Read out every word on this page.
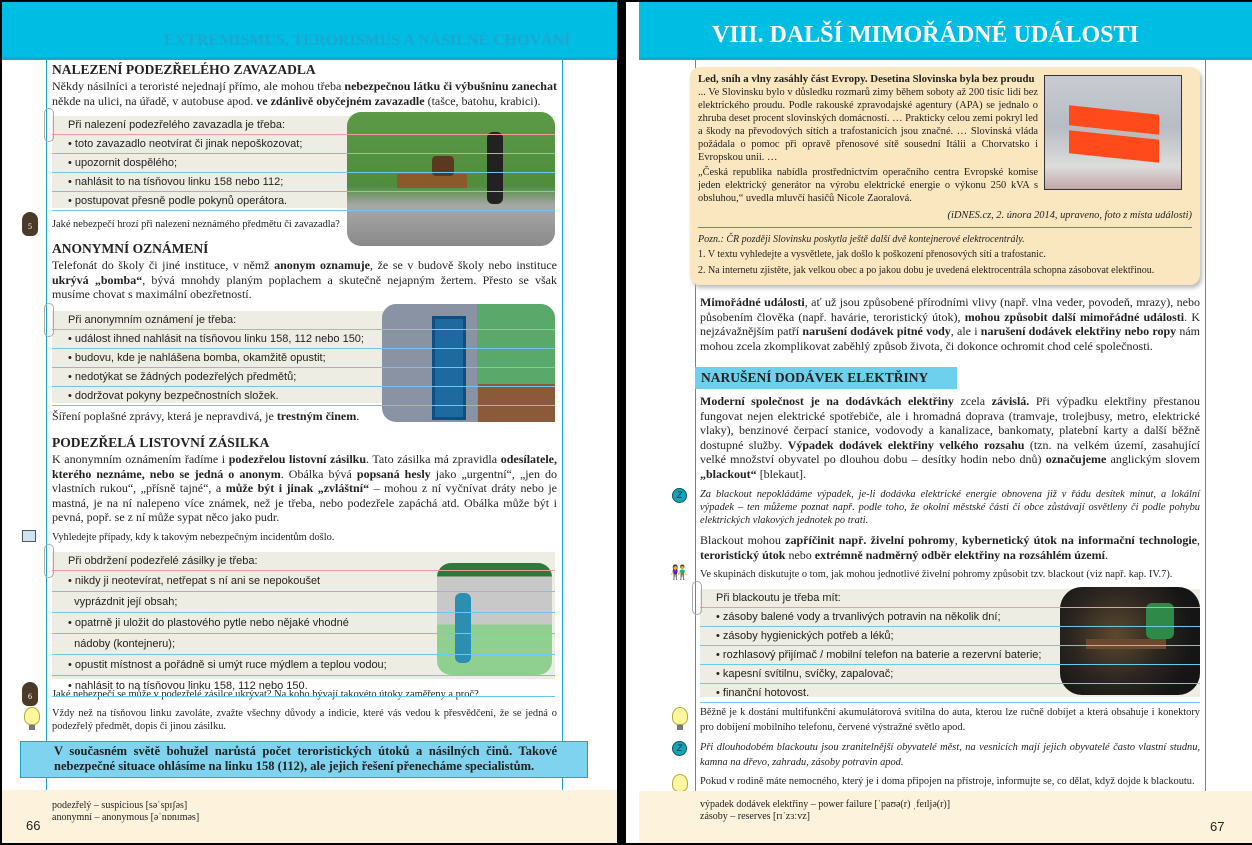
EXTREMISMUS, TERORISMUS A NÁSILNÉ CHOVÁNÍ
NALEZENÍ PODEZŘELÉHO ZAVAZADLA
Někdy násilníci a teroristé nejednají přímo, ale mohou třeba nebezpečnou látku či výbušninu zanechat někde na ulici, na úřadě, v autobuse apod. ve zdánlivě obyčejném zavazadle (tašce, batohu, krabici).
Při nalezení podezřelého zavazadla je třeba:
• toto zavazadlo neotvírat či jinak nepoškozovat;
• upozornit dospělého;
• nahlásit to na tísňovou linku 158 nebo 112;
• postupovat přesně podle pokynů operátora.
5	Jaké nebezpečí hrozí při nalezení neznámého předmětu či zavazadla?
ANONYMNÍ OZNÁMENÍ
Telefonát do školy či jiné instituce, v němž anonym oznamuje, že se v budově školy nebo instituce ukrývá „bomba“, bývá mnohdy planým poplachem a skutečně nejapným žertem. Přesto se však musíme chovat s maximální obezřetností.
Při anonymním oznámení je třeba:
• událost ihned nahlásit na tísňovou linku 158, 112 nebo 150;
• budovu, kde je nahlášena bomba, okamžitě opustit;
• nedotýkat se žádných podezřelých předmětů;
• dodržovat pokyny bezpečnostních složek.
Šíření poplašné zprávy, která je nepravdivá, je trestným činem.
PODEZŘELÁ LISTOVNÍ ZÁSILKA
K anonymním oznámením řadíme i podezřelou listovní zásilku. Tato zásilka má zpravidla odesílatele, kterého neznáme, nebo se jedná o anonym. Obálka bývá popsaná hesly jako „urgentní“, „jen do vlastních rukou“, „přísně tajné“, a může být i jinak „zvláštní“ – mohou z ní vyčnívat dráty nebo je mastná, je na ní nalepeno více známek, než je třeba, nebo podezřele zapáchá atd. Obálka může být i pevná, popř. se z ní může sypat něco jako pudr.
Vyhledejte případy, kdy k takovým nebezpečným incidentům došlo.
Při obdržení podezřelé zásilky je třeba:
• nikdy ji neotevírat, netřepat s ní ani se nepokoušet
vyprázdnit její obsah;
• opatrně ji uložit do plastového pytle nebo nějaké vhodné
nádoby (kontejneru);
• opustit místnost a pořádně si umýt ruce mýdlem a teplou vodou;
• nahlásit to na tísňovou linku 158, 112 nebo 150.
6	Jaké nebezpečí se může v podezřelé zásilce ukrývat? Na koho bývají takovéto útoky zaměřeny a proč?
Vždy než na tísňovou linku zavoláte, zvažte všechny důvody a indicie, které vás vedou k přesvědčení, že se jedná o podezřelý předmět, dopis či jinou zásilku.
V současném světě bohužel narůstá počet teroristických útoků a násilných činů. Takové nebezpečné situace ohlásíme na linku 158 (112), ale jejich řešení přenecháme specialistům.
podezřelý – suspicious [səˈspɪʃəs]
anonymní – anonymous [əˈnɒnɪməs]
66
VIII. DALŠÍ MIMOŘÁDNÉ UDÁLOSTI
Led, sníh a vlny zasáhly část Evropy. Desetina Slovinska byla bez proudu
... Ve Slovinsku bylo v důsledku rozmarů zimy během soboty až 200 tisíc lidí bez elektrického proudu. Podle rakouské zpravodajské agentury (APA) se jednalo o zhruba deset procent slovinských domácností. … Prakticky celou zemi pokryl led a škody na převodových sítích a trafostanicích jsou značné. … Slovinská vláda požádala o pomoc při opravě přenosové sítě sousední Itálii a Chorvatsko i Evropskou unii. …
„Česká republika nabídla prostřednictvím operačního centra Evropské komise jeden elektrický generátor na výrobu elektrické energie o výkonu 250 kVA s obsluhou,“ uvedla mluvčí hasičů Nicole Zaoralová.
(iDNES.cz, 2. února 2014, upraveno, foto z místa události)
Pozn.: ČR později Slovinsku poskytla ještě další dvě kontejnerové elektrocentrály.
1. V textu vyhledejte a vysvětlete, jak došlo k poškození přenosových sítí a trafostanic.
2. Na internetu zjistěte, jak velkou obec a po jakou dobu je uvedená elektrocentrála schopna zásobovat elektřinou.
Mimořádné události, ať už jsou způsobené přírodními vlivy (např. vlna veder, povodeň, mrazy), nebo působením člověka (např. havárie, teroristický útok), mohou způsobit další mimořádné události. K nejzávažnějším patří narušení dodávek pitné vody, ale i narušení dodávek elektřiny nebo ropy nám mohou zcela zkomplikovat zaběhlý způsob života, či dokonce ochromit chod celé společnosti.
NARUŠENÍ DODÁVEK ELEKTŘINY
Moderní společnost je na dodávkách elektřiny zcela závislá. Při výpadku elektřiny přestanou fungovat nejen elektrické spotřebiče, ale i hromadná doprava (tramvaje, trolejbusy, metro, elektrické vlaky), benzinové čerpací stanice, vodovody a kanalizace, bankomaty, platební karty a další běžně dostupné služby. Výpadek dodávek elektřiny velkého rozsahu (tzn. na velkém území, zasahující velké množství obyvatel po dlouhou dobu – desítky hodin nebo dnů) označujeme anglickým slovem „blackout“ [blekaut].
Z	Za blackout nepokládáme výpadek, je-li dodávka elektrické energie obnovena již v řádu desítek minut, a lokální výpadek – ten můžeme poznat např. podle toho, že okolní městské části či obce zůstávají osvětleny či podle pohybu elektrických vlakových jednotek po trati.
Blackout mohou zapříčinit např. živelní pohromy, kybernetický útok na informační technologie, teroristický útok nebo extrémně nadměrný odběr elektřiny na rozsáhlém území.
👫 Ve skupinách diskutujte o tom, jak mohou jednotlivé živelní pohromy způsobit tzv. blackout (viz např. kap. IV.7).
Při blackoutu je třeba mít:
• zásoby balené vody a trvanlivých potravin na několik dní;
• zásoby hygienických potřeb a léků;
• rozhlasový přijímač / mobilní telefon na baterie a rezervní baterie;
• kapesní svítilnu, svíčky, zapalovač;
• finanční hotovost.
Běžně je k dostání multifunkční akumulátorová svítilna do auta, kterou lze ručně dobíjet a která obsahuje i konektory pro dobíjení mobilního telefonu, červené výstražné světlo apod.
Z	Při dlouhodobém blackoutu jsou zranitelnější obyvatelé měst, na vesnicích mají jejich obyvatelé často vlastní studnu, kamna na dřevo, zahradu, zásoby potravin apod.
Pokud v rodině máte nemocného, který je i doma připojen na přístroje, informujte se, co dělat, když dojde k blackoutu.
výpadek dodávek elektřiny – power failure [ˈpaʊə(r) ˌfeɪljə(r)]
zásoby – reserves [rɪˈzɜːvz]
67
